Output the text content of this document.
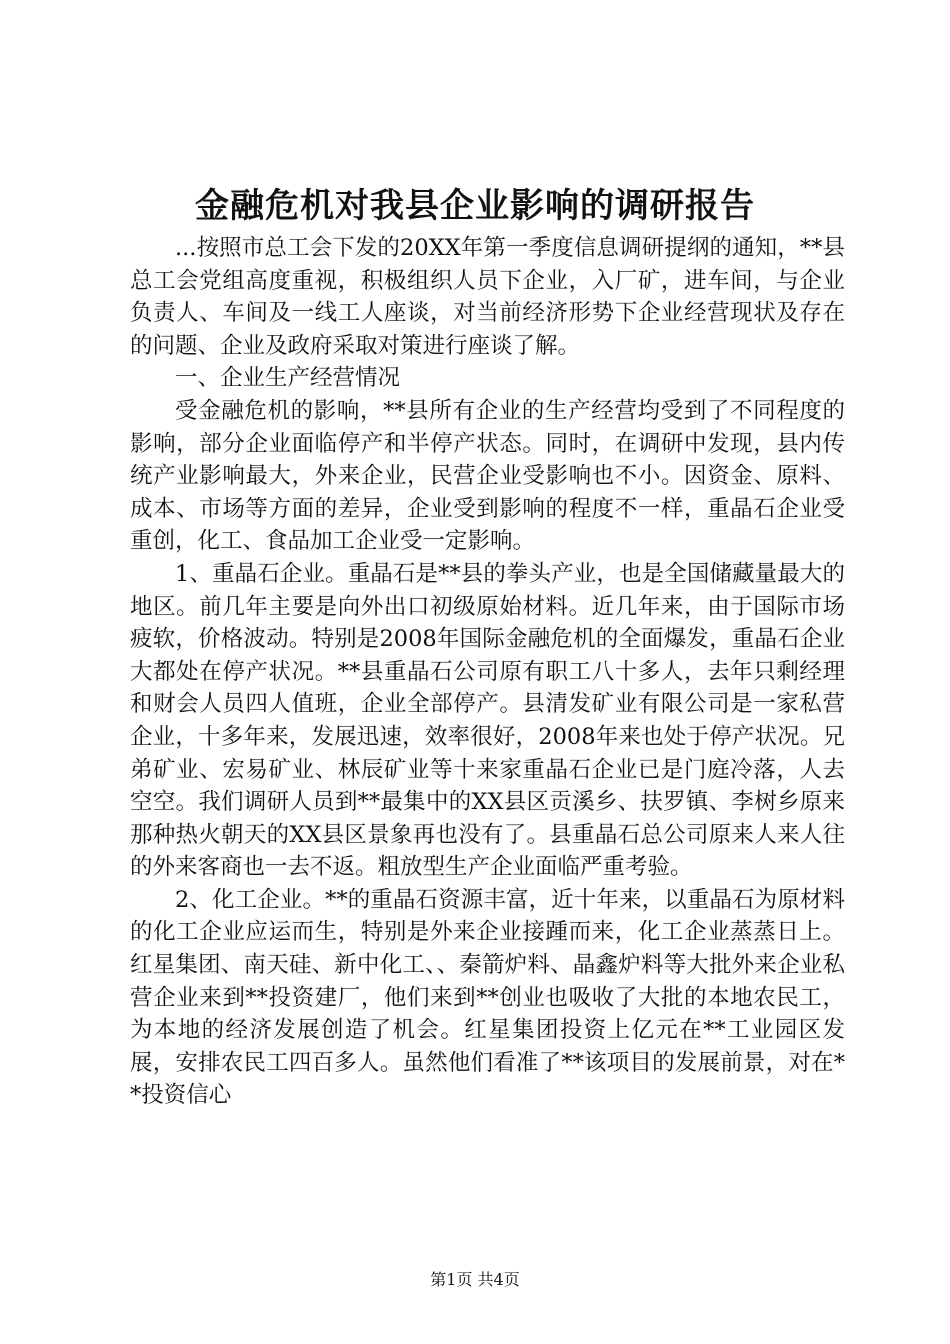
金融危机对我县企业影响的调研报告

...按照市总工会下发的20XX年第一季度信息调研提纲的通知，**县总工会党组高度重视，积极组织人员下企业，入厂矿，进车间，与企业负责人、车间及一线工人座谈，对当前经济形势下企业经营现状及存在的问题、企业及政府采取对策进行座谈了解。

一、企业生产经营情况

受金融危机的影响，**县所有企业的生产经营均受到了不同程度的影响，部分企业面临停产和半停产状态。同时，在调研中发现，县内传统产业影响最大，外来企业，民营企业受影响也不小。因资金、原料、成本、市场等方面的差异，企业受到影响的程度不一样，重晶石企业受重创，化工、食品加工企业受一定影响。

1、重晶石企业。重晶石是**县的拳头产业，也是全国储藏量最大的地区。前几年主要是向外出口初级原始材料。近几年来，由于国际市场疲软，价格波动。特别是2008年国际金融危机的全面爆发，重晶石企业大都处在停产状况。**县重晶石公司原有职工八十多人，去年只剩经理和财会人员四人值班，企业全部停产。县清发矿业有限公司是一家私营企业，十多年来，发展迅速，效率很好，2008年来也处于停产状况。兄弟矿业、宏易矿业、林辰矿业等十来家重晶石企业已是门庭冷落，人去空空。我们调研人员到**最集中的XX县区贡溪乡、扶罗镇、李树乡原来那种热火朝天的XX县区景象再也没有了。县重晶石总公司原来人来人往的外来客商也一去不返。粗放型生产企业面临严重考验。

2、化工企业。**的重晶石资源丰富，近十年来，以重晶石为原材料的化工企业应运而生，特别是外来企业接踵而来，化工企业蒸蒸日上。红星集团、南天硅、新中化工、、秦箭炉料、晶鑫炉料等大批外来企业私营企业来到**投资建厂，他们来到**创业也吸收了大批的本地农民工，为本地的经济发展创造了机会。红星集团投资上亿元在**工业园区发展，安排农民工四百多人。虽然他们看准了**该项目的发展前景，对在**投资信心

第1页 共4页
